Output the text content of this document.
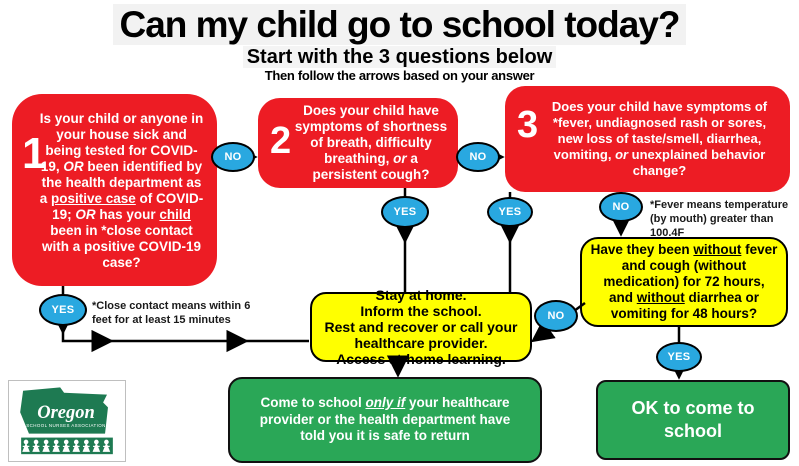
Can my child go to school today?
Start with the 3 questions below
Then follow the arrows based on your answer
Is your child or anyone in your house sick and being tested for COVID-19, OR been identified by the health department as a positive case of COVID-19; OR has your child been in *close contact with a positive COVID-19 case?
1
Does your child have symptoms of shortness of breath, difficulty breathing, or a persistent cough?
2
Does your child have symptoms of *fever, undiagnosed rash or sores, new loss of taste/smell, diarrhea, vomiting, or unexplained behavior change?
3
Stay at home.
Inform the school.
Rest and recover or call your healthcare provider.
Access at-home learning.
Have they been without fever and cough (without medication) for 72 hours, and without diarrhea or vomiting for 48 hours?
Come to school only if your healthcare provider or the health department have told you it is safe to return
OK to come to school
NO	NO
YES	YES	NO
YES	NO
YES
*Fever means temperature (by mouth) greater than 100.4F
*Close contact means within 6 feet for at least 15 minutes
Oregon
SCHOOL NURSES ASSOCIATION
